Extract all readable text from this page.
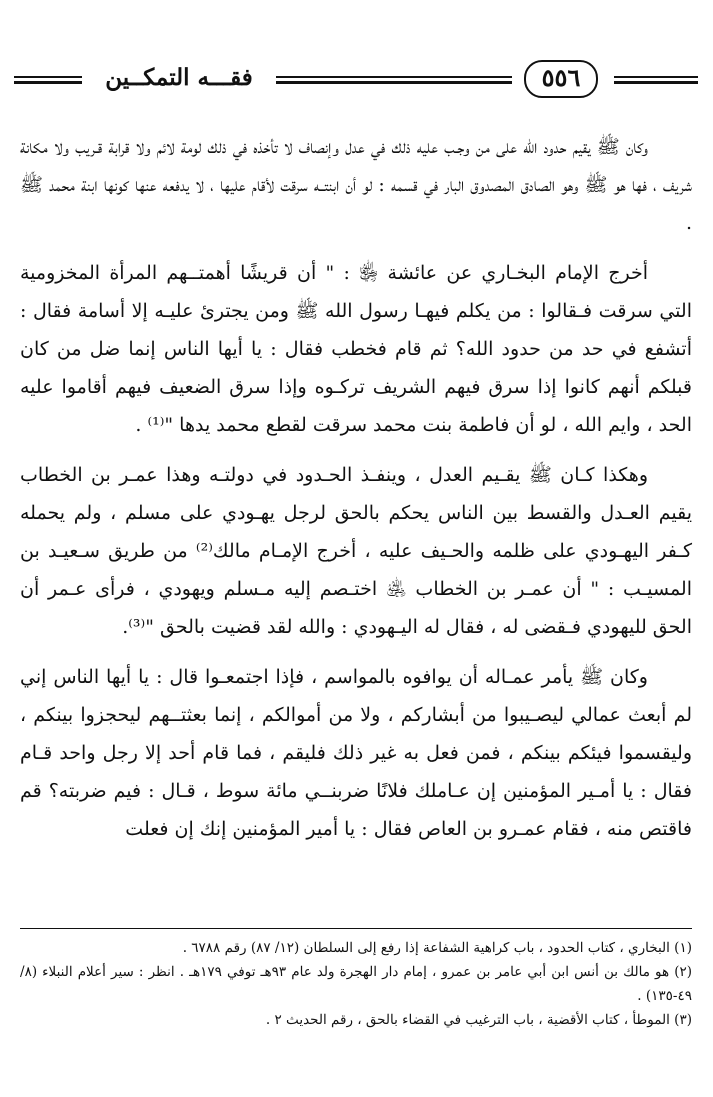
٥٥٦
فقـــه التمكــين

وكان ﷺ يقيم حدود الله على من وجـب عليه ذلك في عدل وإنصاف لا تأخذه في ذلك لومة لائم ولا قرابة قـريب ولا مكانة شريف ، فها هو ﷺ وهو الصادق المصدوق البار في قسمه : لو أن ابنتــه سرقت لأقام عليها ، لا يدفعه عنها كونها ابنة محمد ﷺ .

أخرج الإمام البخـاري عن عائشة ﵂ : " أن قريشًا أهمتــهم المرأة المخزومية التي سرقت فـقالوا : من يكلم فيهـا رسول الله ﷺ ومن يجترئ عليـه إلا أسامة فقال : أتشفع في حد من حدود الله؟ ثم قام فخطب فقال : يا أيها الناس إنما ضل من كان قبلكم أنهم كانوا إذا سرق فيهم الشريف تركـوه وإذا سرق الضعيف فيهم أقاموا عليه الحد ، وايم الله ، لو أن فاطمة بنت محمد سرقت لقطع محمد يدها "⁽¹⁾ .

وهكذا كـان ﷺ يقـيم العدل ، وينفـذ الحـدود في دولتـه وهذا عمـر بن الخطاب يقيم العـدل والقسط بين الناس يحكم بالحق لرجل يهـودي على مسلم ، ولم يحمله كـفر اليهـودي على ظلمه والحـيف عليه ، أخرج الإمـام مالك⁽²⁾ من طريق سـعيـد بن المسيـب : " أن عمـر بن الخطاب ﵁ اختـصم إليه مـسلم ويهودي ، فرأى عـمر أن الحق لليهودي فـقضى له ، فقال له اليـهودي : والله لقد قضيت بالحق "⁽³⁾.

وكان ﷺ يأمر عمـاله أن يوافوه بالمواسم ، فإذا اجتمعـوا قال : يا أيها الناس إني لم أبعث عمالي ليصـيبوا من أبشاركم ، ولا من أموالكم ، إنما بعثتــهم ليحجزوا بينكم ، وليقسموا فيئكم بينكم ، فمن فعل به غير ذلك فليقم ، فما قام أحد إلا رجل واحد قـام فقال : يا أمـير المؤمنين إن عـاملك فلانًا ضربنــي مائة سوط ، قـال : فيم ضربته؟ قم فاقتص منه ، فقام عمـرو بن العاص فقال : يا أمير المؤمنين إنك إن فعلت

(١) البخاري ، كتاب الحدود ، باب كراهية الشفاعة إذا رفع إلى السلطان (١٢/ ٨٧) رقم ٦٧٨٨ .

(٢) هو مالك بن أنس ابن أبي عامر بن عمرو ، إمام دار الهجرة ولد عام ٩٣هـ توفي ١٧٩هـ . انظر : سير أعلام النبلاء (٨/ ٤٩-١٣٥) .

(٣) الموطأ ، كتاب الأقضية ، باب الترغيب في القضاء بالحق ، رقم الحديث ٢ .
